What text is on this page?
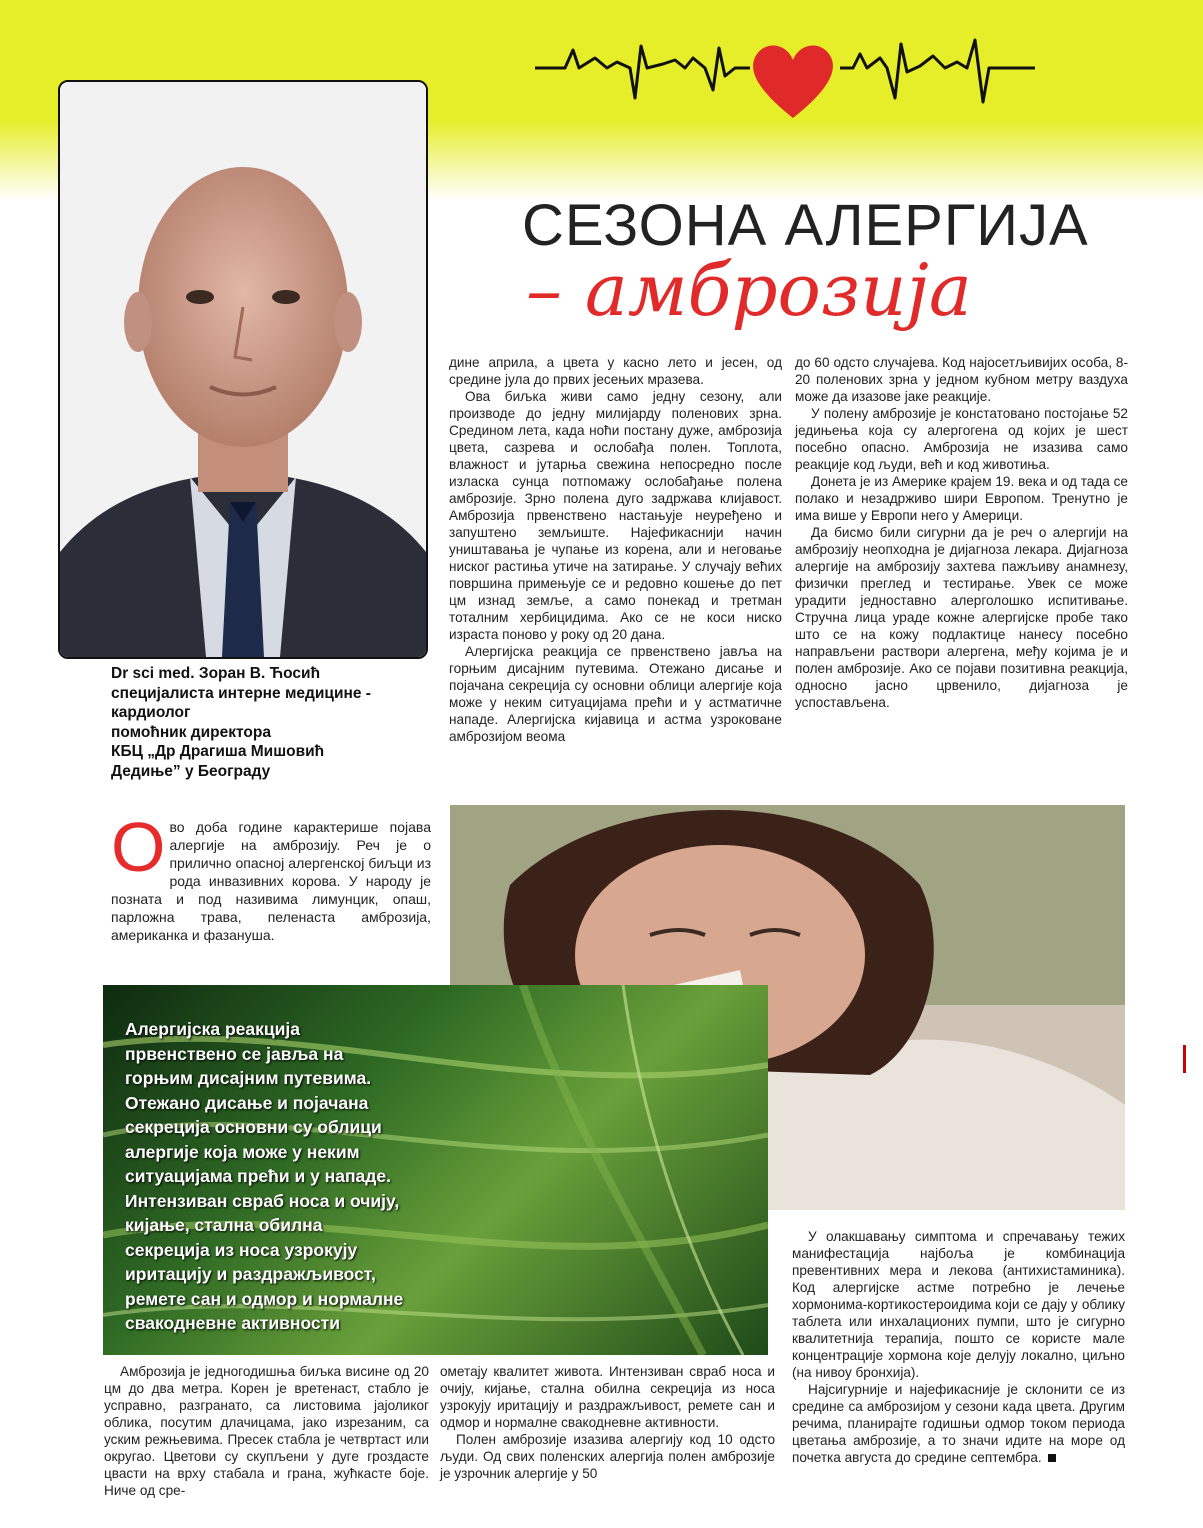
Dr sci med. Зоран В. Ћосић
специјалиста интерне медицине -
кардиолог
помоћник директора
КБЦ „Др Драгиша Мишовић
Дедиње” у Београду
СЕЗОНА АЛЕРГИЈА
– амброзија

дине априла, а цвета у касно лето и јесен, од средине јула до првих јесењих мразева.

Ова биљка живи само једну сезону, али производе до једну милијарду поленових зрна. Средином лета, када ноћи постану дуже, амброзија цвета, сазрева и ослобађа полен. Топлота, влажност и јутарња свежина непосредно после изласка сунца потпомажу ослобађање полена амброзије. Зрно полена дуго задржава клијавост. Амброзија првенствено настањује неуређено и запуштено земљиште. Најефикаснији начин уништавања је чупање из корена, али и неговање ниског растиња утиче на затирање. У случају већих површина примењује се и редовно кошење до пет цм изнад земље, а само понекад и третман тоталним хербицидима. Ако се не коси ниско израста поново у року од 20 дана.

Алергијска реакција се првенствено јавља на горњим дисајним путевима. Отежано дисање и појачана секреција су основни облици алергије која може у неким ситуацијама прећи и у астматичне нападе. Алергијска кијавица и астма узроковане амброзијом веома

до 60 одсто случајева. Код најосетљивијих особа, 8-20 поленових зрна у једном кубном метру ваздуха може да изазове јаке реакције.

У полену амброзије је констатовано постојање 52 једињења која су алергогена од којих је шест посебно опасно. Амброзија не изазива само реакције код људи, већ и код животиња.

Донета је из Америке крајем 19. века и од тада се полако и незадрживо шири Европом. Тренутно је има више у Европи него у Америци.

Да бисмо били сигурни да је реч о алергији на амброзију неопходна је дијагноза лекара. Дијагноза алергије на амброзију захтева пажљиву анамнезу, физички преглед и тестирање. Увек се може урадити једноставно алерголошко испитивање. Стручна лица ураде кожне алергијске пробе тако што се на кожу подлактице нанесу посебно направљени раствори алергена, међу којима је и полен амброзије. Ако се појави позитивна реакција, односно јасно црвенило, дијагноза је успостављена.

О во доба године карактерише појава алергије на амброзију. Реч је о прилично опасној алергенској биљци из рода инвазивних корова. У народу је позната и под називима лимунцик, опаш, парложна трава, пеленаста амброзија, американка и фазануша.
Алергијска реакција
првенствено се јавља на
горњим дисајним путевима.
Отежано дисање и појачана
секреција основни су облици
алергије која може у неким
ситуацијама прећи и у нападе.
Интензиван свраб носа и очију,
кијање, стална обилна
секреција из носа узрокују
иритацију и раздражљивост,
ремете сан и одмор и нормалне
свакодневне активности

Амброзија је једногодишња биљка висине од 20 цм до два метра. Корен је вретенаст, стабло је усправно, разгранато, са листовима јајоликог облика, посутим длачицама, јако изрезаним, са уским режњевима. Пресек стабла је четвртаст или округао. Цветови су скупљени у дуге гроздасте цвасти на врху стабала и грана, жућкасте боје. Ниче од сре-

ометају квалитет живота. Интензиван свраб носа и очију, кијање, стална обилна секреција из носа узрокују иритацију и раздражљивост, ремете сан и одмор и нормалне свакодневне активности.

Полен амброзије изазива алергију код 10 одсто људи. Од свих поленских алергија полен амброзије је узрочник алергије у 50

У олакшавању симптома и спречавању тежих манифестација најбоља је комбинација превентивних мера и лекова (антихистаминика). Код алергијске астме потребно је лечење хормонима-кортикостероидима који се дају у облику таблета или инхалационих пумпи, што је сигурно квалитетнија терапија, пошто се користе мале концентрације хормона које делују локално, циљно (на нивоу бронхија).

Најсигурније и најефикасније је склонити се из средине са амброзијом у сезони када цвета. Другим речима, планирајте годишњи одмор током периода цветања амброзије, а то значи идите на море од почетка августа до средине септембра.
